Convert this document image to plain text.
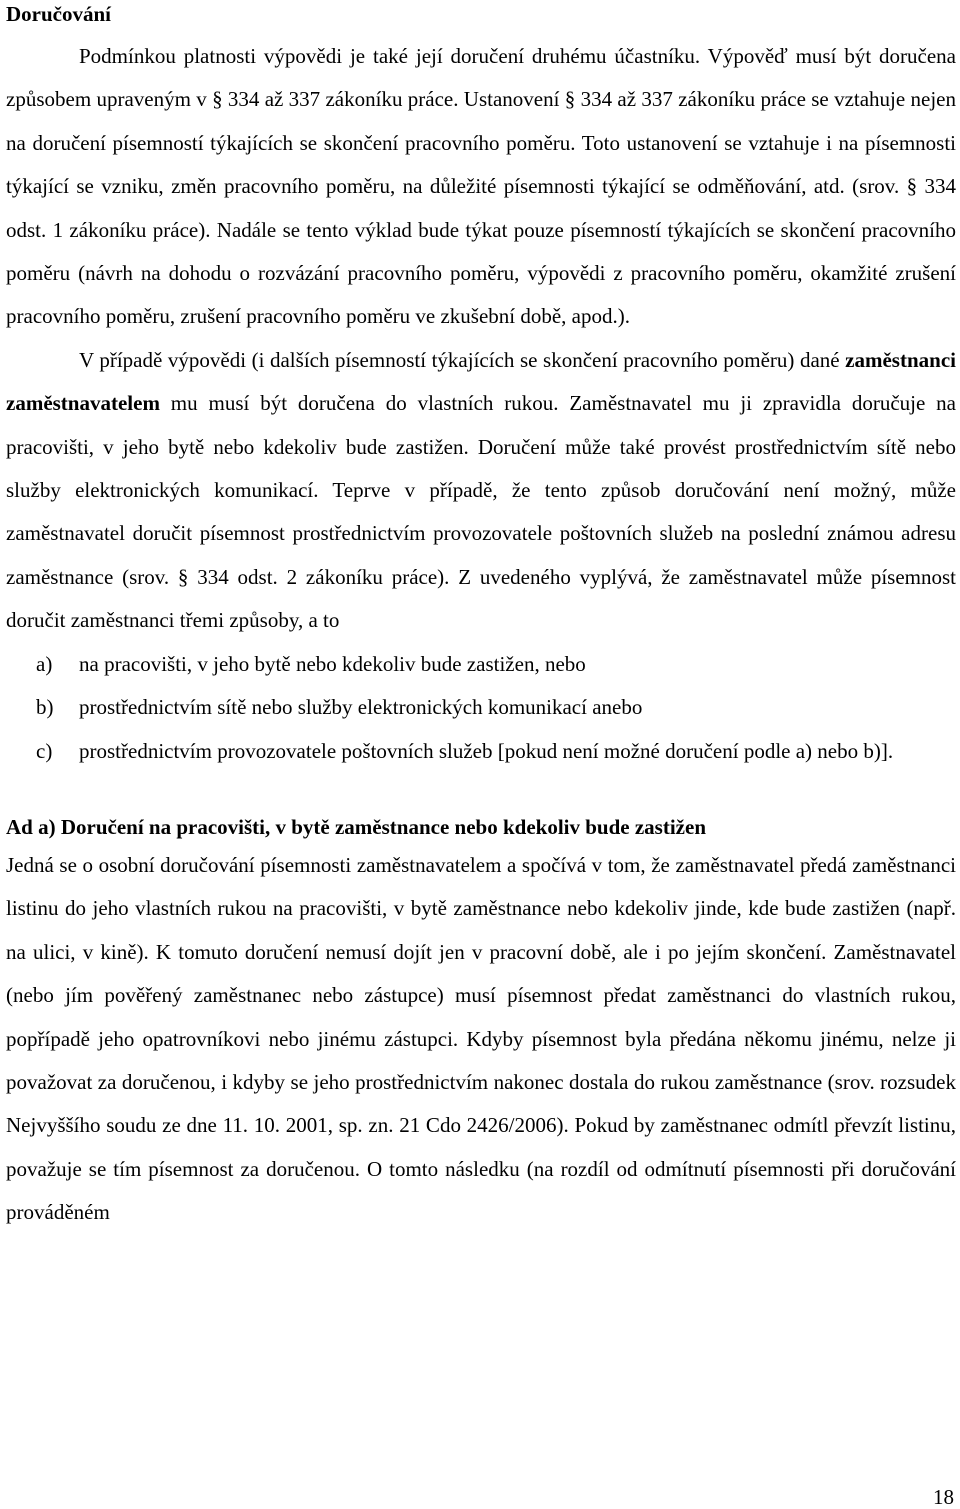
Doručování

Podmínkou platnosti výpovědi je také její doručení druhému účastníku. Výpověď musí být doručena způsobem upraveným v § 334 až 337 zákoníku práce. Ustanovení § 334 až 337 zákoníku práce se vztahuje nejen na doručení písemností týkajících se skončení pracovního poměru. Toto ustanovení se vztahuje i na písemnosti týkající se vzniku, změn pracovního poměru, na důležité písemnosti týkající se odměňování, atd. (srov. § 334 odst. 1 zákoníku práce). Nadále se tento výklad bude týkat pouze písemností týkajících se skončení pracovního poměru (návrh na dohodu o rozvázání pracovního poměru, výpovědi z pracovního poměru, okamžité zrušení pracovního poměru, zrušení pracovního poměru ve zkušební době, apod.).

V případě výpovědi (i dalších písemností týkajících se skončení pracovního poměru) dané zaměstnanci zaměstnavatelem mu musí být doručena do vlastních rukou. Zaměstnavatel mu ji zpravidla doručuje na pracovišti, v jeho bytě nebo kdekoliv bude zastižen. Doručení může také provést prostřednictvím sítě nebo služby elektronických komunikací. Teprve v případě, že tento způsob doručování není možný, může zaměstnavatel doručit písemnost prostřednictvím provozovatele poštovních služeb na poslední známou adresu zaměstnance (srov. § 334 odst. 2 zákoníku práce). Z uvedeného vyplývá, že zaměstnavatel může písemnost doručit zaměstnanci třemi způsoby, a to

a) na pracovišti, v jeho bytě nebo kdekoliv bude zastižen, nebo
b) prostřednictvím sítě nebo služby elektronických komunikací anebo
c) prostřednictvím provozovatele poštovních služeb [pokud není možné doručení podle a) nebo b)].
Ad a) Doručení na pracovišti, v bytě zaměstnance nebo kdekoliv bude zastižen

Jedná se o osobní doručování písemnosti zaměstnavatelem a spočívá v tom, že zaměstnavatel předá zaměstnanci listinu do jeho vlastních rukou na pracovišti, v bytě zaměstnance nebo kdekoliv jinde, kde bude zastižen (např. na ulici, v kině). K tomuto doručení nemusí dojít jen v pracovní době, ale i po jejím skončení. Zaměstnavatel (nebo jím pověřený zaměstnanec nebo zástupce) musí písemnost předat zaměstnanci do vlastních rukou, popřípadě jeho opatrovníkovi nebo jinému zástupci. Kdyby písemnost byla předána někomu jinému, nelze ji považovat za doručenou, i kdyby se jeho prostřednictvím nakonec dostala do rukou zaměstnance (srov. rozsudek Nejvyššího soudu ze dne 11. 10. 2001, sp. zn. 21 Cdo 2426/2006). Pokud by zaměstnanec odmítl převzít listinu, považuje se tím písemnost za doručenou. O tomto následku (na rozdíl od odmítnutí písemnosti při doručování prováděném

18
